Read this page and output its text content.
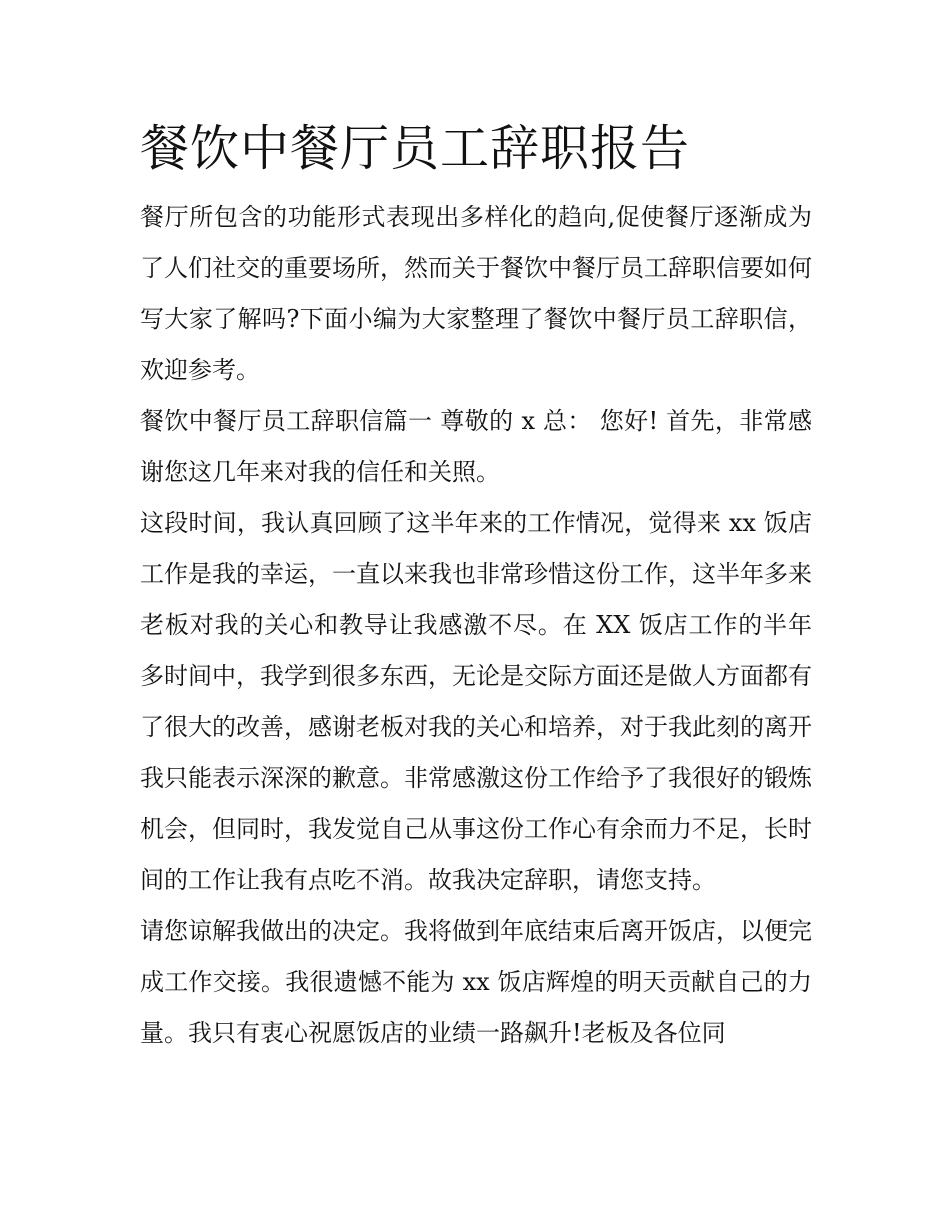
餐饮中餐厅员工辞职报告

餐厅所包含的功能形式表现出多样化的趋向,促使餐厅逐渐成为了人们社交的重要场所，然而关于餐饮中餐厅员工辞职信要如何写大家了解吗?下面小编为大家整理了餐饮中餐厅员工辞职信，欢迎参考。

餐饮中餐厅员工辞职信篇一 尊敬的 x 总： 您好! 首先，非常感谢您这几年来对我的信任和关照。

这段时间，我认真回顾了这半年来的工作情况，觉得来 xx 饭店工作是我的幸运，一直以来我也非常珍惜这份工作，这半年多来老板对我的关心和教导让我感激不尽。在 XX 饭店工作的半年多时间中，我学到很多东西，无论是交际方面还是做人方面都有了很大的改善，感谢老板对我的关心和培养，对于我此刻的离开我只能表示深深的歉意。非常感激这份工作给予了我很好的锻炼机会，但同时，我发觉自己从事这份工作心有余而力不足，长时间的工作让我有点吃不消。故我决定辞职，请您支持。

请您谅解我做出的决定。我将做到年底结束后离开饭店，以便完成工作交接。我很遗憾不能为 xx 饭店辉煌的明天贡献自己的力量。我只有衷心祝愿饭店的业绩一路飙升!老板及各位同
